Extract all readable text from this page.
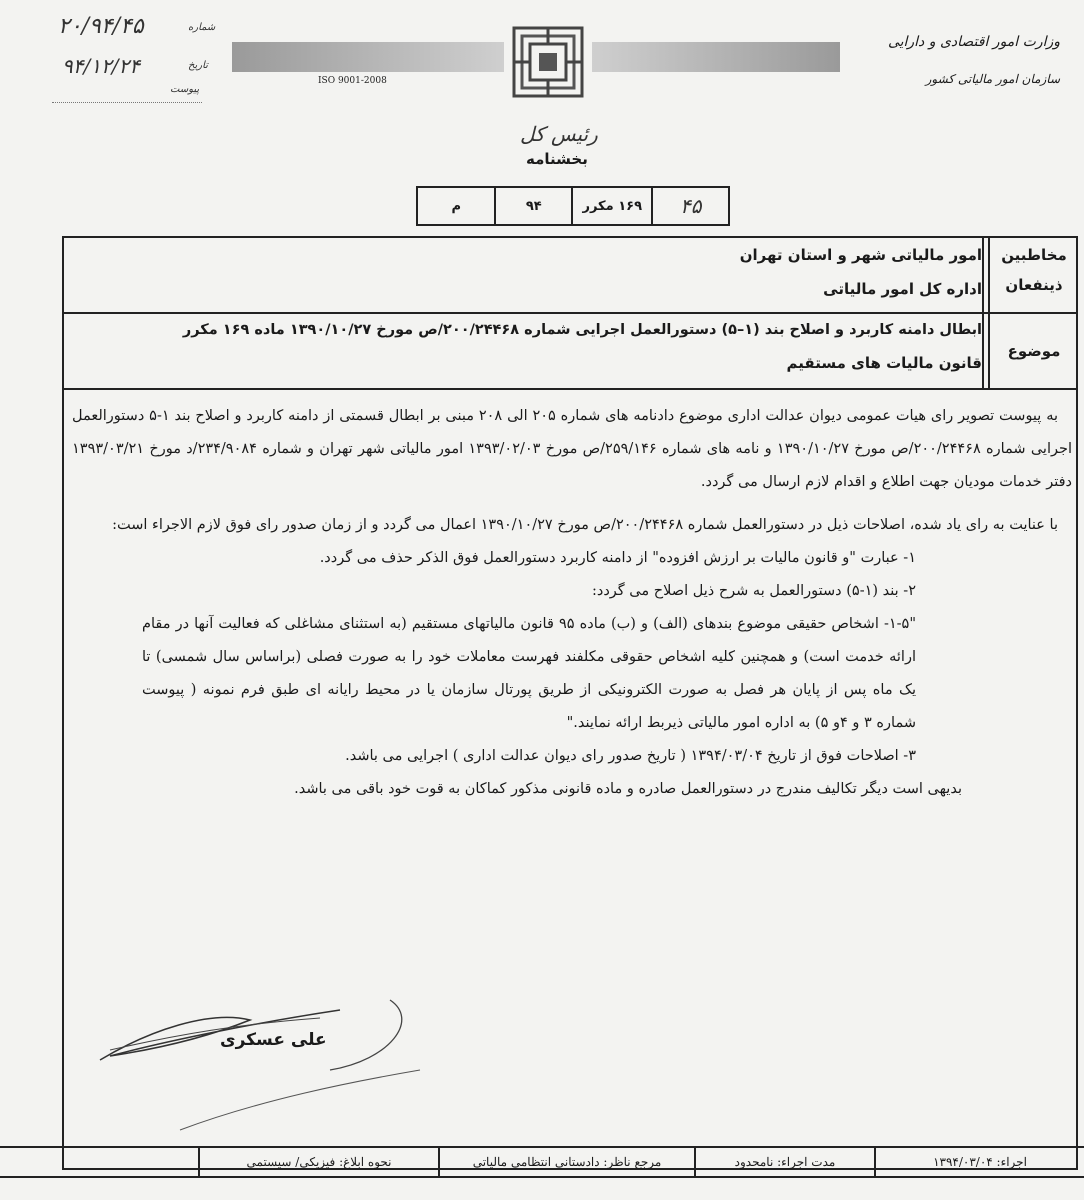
۲۰/۹۴/۴۵
۹۴/۱۲/۲۴
شماره
تاریخ
پیوست
ISO 9001-2008
وزارت امور اقتصادی و دارایی
سازمان امور مالیاتی کشور
رئیس کل
بخشنامه
۴۵
۱۶۹ مکرر
۹۴
م
مخاطبین
ذینفعان
امور مالیاتی شهر و استان تهران
اداره کل امور مالیاتی
موضوع
ابطال دامنه کاربرد و اصلاح بند (۱–۵) دستورالعمل اجرایی شماره ۲۰۰/۲۴۴۶۸/ص مورخ ۱۳۹۰/۱۰/۲۷ ماده ۱۶۹ مکرر
قانون مالیات های مستقیم

به پیوست تصویر رای هیات عمومی دیوان عدالت اداری موضوع دادنامه های شماره ۲۰۵ الی ۲۰۸ مبنی بر ابطال قسمتی از دامنه کاربرد و اصلاح بند ۱-۵ دستورالعمل اجرایی شماره ۲۰۰/۲۴۴۶۸/ص مورخ ۱۳۹۰/۱۰/۲۷ و نامه های شماره ۲۵۹/۱۴۶/ص مورخ ۱۳۹۳/۰۲/۰۳ امور مالیاتی شهر تهران و شماره ۲۳۴/۹۰۸۴/د مورخ ۱۳۹۳/۰۳/۲۱ دفتر خدمات مودیان جهت اطلاع و اقدام لازم ارسال می گردد.

با عنایت به رای یاد شده، اصلاحات ذیل در دستورالعمل شماره ۲۰۰/۲۴۴۶۸/ص مورخ ۱۳۹۰/۱۰/۲۷ اعمال می گردد و از زمان صدور رای فوق لازم الاجراء است:

۱- عبارت "و قانون مالیات بر ارزش افزوده" از دامنه کاربرد دستورالعمل فوق الذکر حذف می گردد.

۲- بند (۱-۵) دستورالعمل به شرح ذیل اصلاح می گردد:

"۱-۵- اشخاص حقیقی موضوع بندهای (الف) و (ب) ماده ۹۵ قانون مالیاتهای مستقیم (به استثنای مشاغلی که فعالیت آنها در مقام ارائه خدمت است) و همچنین کلیه اشخاص حقوقی مکلفند فهرست معاملات خود را به صورت فصلی (براساس سال شمسی) تا یک ماه پس از پایان هر فصل به صورت الکترونیکی از طریق پورتال سازمان یا در محیط رایانه ای طبق فرم نمونه ( پیوست شماره ۳ و ۴و ۵) به اداره امور مالیاتی ذیربط ارائه نمایند."

۳- اصلاحات فوق از تاریخ ۱۳۹۴/۰۳/۰۴ ( تاریخ صدور رای دیوان عدالت اداری ) اجرایی می باشد.

بدیهی است دیگر تکالیف مندرج در دستورالعمل صادره و ماده قانونی مذکور کماکان به قوت خود باقی می باشد.

علی عسکری
اجراء: ۱۳۹۴/۰۳/۰۴
مدت اجراء: نامحدود
مرجع ناظر: دادستانی انتظامی مالیاتی
نحوه ابلاغ: فیزیکی/ سیستمی
